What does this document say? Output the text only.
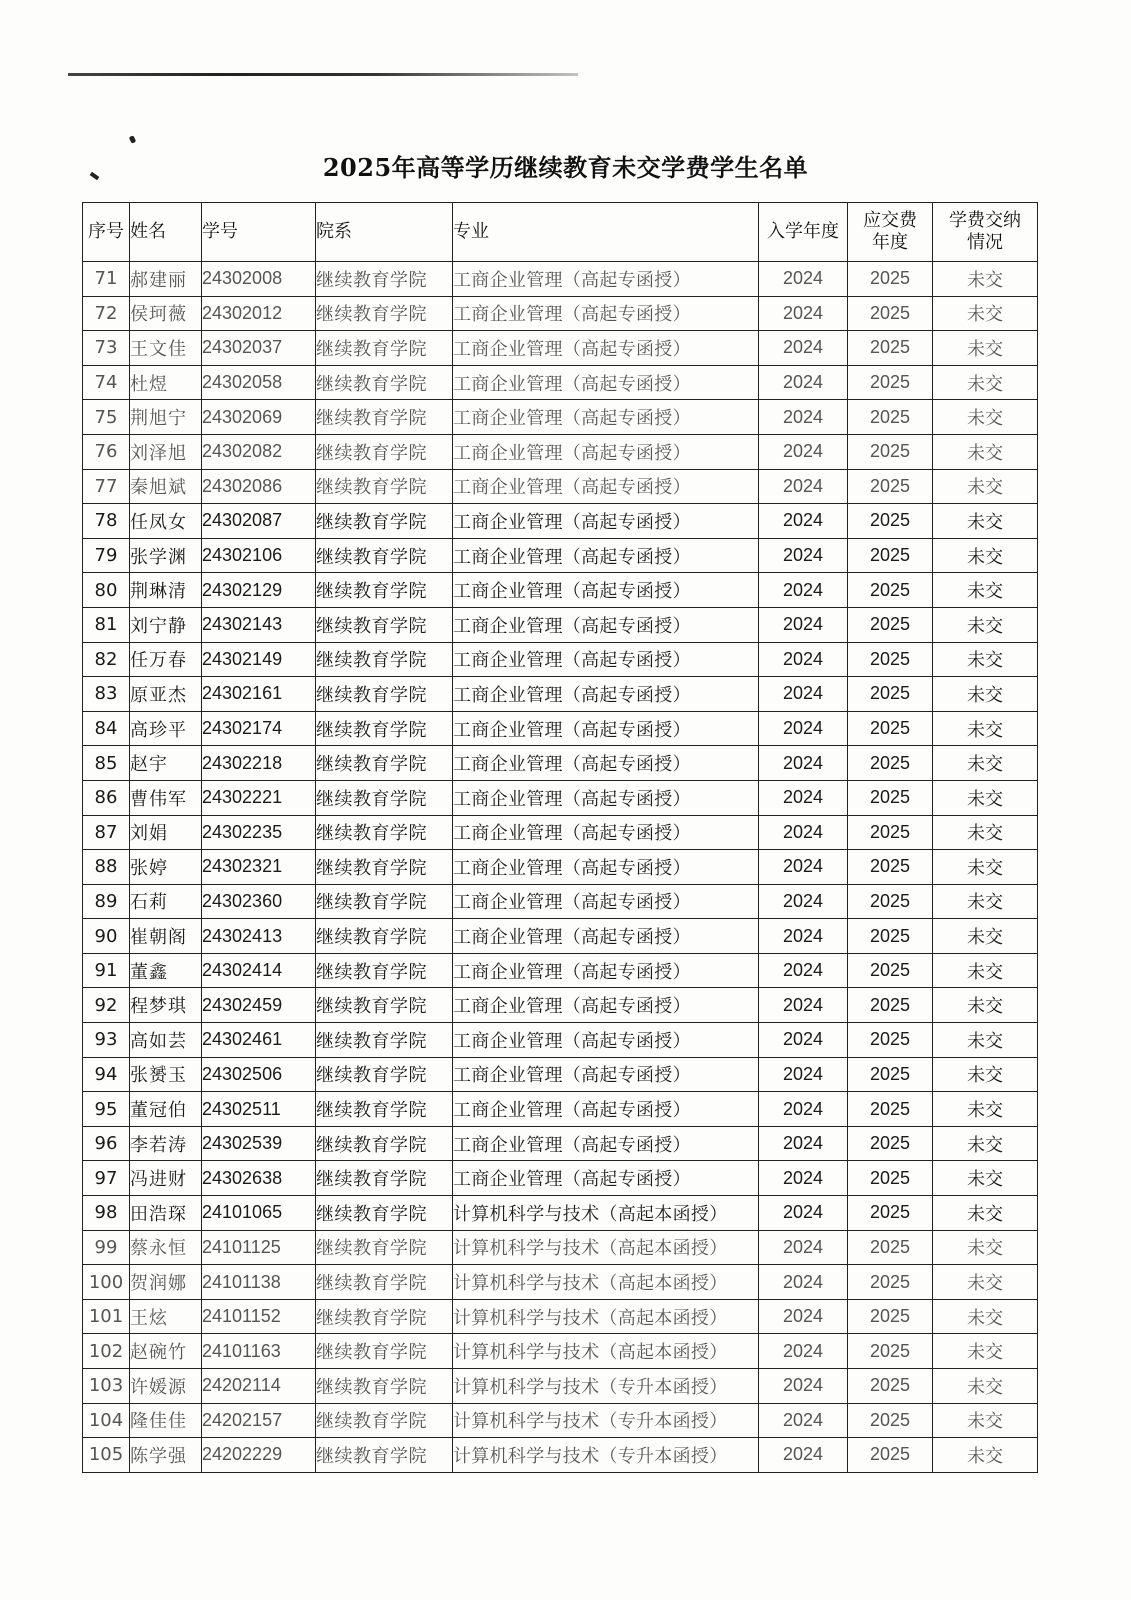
2025年高等学历继续教育未交学费学生名单
序号	姓名	学号	院系	专业	入学年度	应交费年度	学费交纳情况
71	郝建丽	24302008	继续教育学院	工商企业管理（高起专函授）	2024	2025	未交
72	侯珂薇	24302012	继续教育学院	工商企业管理（高起专函授）	2024	2025	未交
73	王文佳	24302037	继续教育学院	工商企业管理（高起专函授）	2024	2025	未交
74	杜煜	24302058	继续教育学院	工商企业管理（高起专函授）	2024	2025	未交
75	荆旭宁	24302069	继续教育学院	工商企业管理（高起专函授）	2024	2025	未交
76	刘泽旭	24302082	继续教育学院	工商企业管理（高起专函授）	2024	2025	未交
77	秦旭斌	24302086	继续教育学院	工商企业管理（高起专函授）	2024	2025	未交
78	任凤女	24302087	继续教育学院	工商企业管理（高起专函授）	2024	2025	未交
79	张学渊	24302106	继续教育学院	工商企业管理（高起专函授）	2024	2025	未交
80	荆琳清	24302129	继续教育学院	工商企业管理（高起专函授）	2024	2025	未交
81	刘宁静	24302143	继续教育学院	工商企业管理（高起专函授）	2024	2025	未交
82	任万春	24302149	继续教育学院	工商企业管理（高起专函授）	2024	2025	未交
83	原亚杰	24302161	继续教育学院	工商企业管理（高起专函授）	2024	2025	未交
84	高珍平	24302174	继续教育学院	工商企业管理（高起专函授）	2024	2025	未交
85	赵宇	24302218	继续教育学院	工商企业管理（高起专函授）	2024	2025	未交
86	曹伟军	24302221	继续教育学院	工商企业管理（高起专函授）	2024	2025	未交
87	刘娟	24302235	继续教育学院	工商企业管理（高起专函授）	2024	2025	未交
88	张婷	24302321	继续教育学院	工商企业管理（高起专函授）	2024	2025	未交
89	石莉	24302360	继续教育学院	工商企业管理（高起专函授）	2024	2025	未交
90	崔朝阁	24302413	继续教育学院	工商企业管理（高起专函授）	2024	2025	未交
91	董鑫	24302414	继续教育学院	工商企业管理（高起专函授）	2024	2025	未交
92	程梦琪	24302459	继续教育学院	工商企业管理（高起专函授）	2024	2025	未交
93	高如芸	24302461	继续教育学院	工商企业管理（高起专函授）	2024	2025	未交
94	张赟玉	24302506	继续教育学院	工商企业管理（高起专函授）	2024	2025	未交
95	董冠伯	24302511	继续教育学院	工商企业管理（高起专函授）	2024	2025	未交
96	李若涛	24302539	继续教育学院	工商企业管理（高起专函授）	2024	2025	未交
97	冯进财	24302638	继续教育学院	工商企业管理（高起专函授）	2024	2025	未交
98	田浩琛	24101065	继续教育学院	计算机科学与技术（高起本函授）	2024	2025	未交
99	蔡永恒	24101125	继续教育学院	计算机科学与技术（高起本函授）	2024	2025	未交
100	贺润娜	24101138	继续教育学院	计算机科学与技术（高起本函授）	2024	2025	未交
101	王炫	24101152	继续教育学院	计算机科学与技术（高起本函授）	2024	2025	未交
102	赵碗竹	24101163	继续教育学院	计算机科学与技术（高起本函授）	2024	2025	未交
103	许媛源	24202114	继续教育学院	计算机科学与技术（专升本函授）	2024	2025	未交
104	隆佳佳	24202157	继续教育学院	计算机科学与技术（专升本函授）	2024	2025	未交
105	陈学强	24202229	继续教育学院	计算机科学与技术（专升本函授）	2024	2025	未交
